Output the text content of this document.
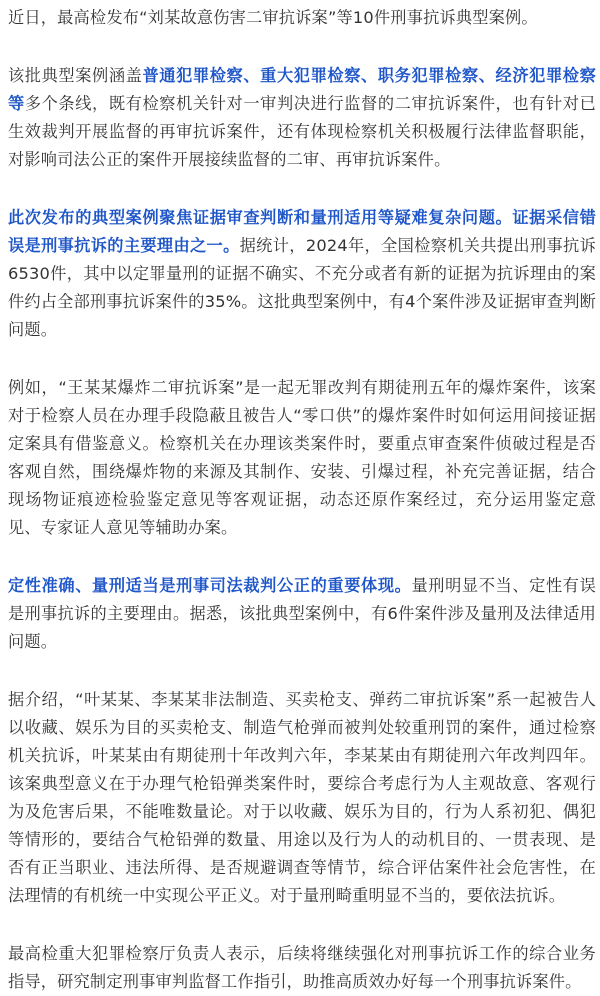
近日，最高检发布“刘某故意伤害二审抗诉案”等10件刑事抗诉典型案例。

该批典型案例涵盖普通犯罪检察、重大犯罪检察、职务犯罪检察、经济犯罪检察等多个条线，既有检察机关针对一审判决进行监督的二审抗诉案件，也有针对已生效裁判开展监督的再审抗诉案件，还有体现检察机关积极履行法律监督职能，对影响司法公正的案件开展接续监督的二审、再审抗诉案件。

此次发布的典型案例聚焦证据审查判断和量刑适用等疑难复杂问题。证据采信错误是刑事抗诉的主要理由之一。据统计，2024年，全国检察机关共提出刑事抗诉6530件，其中以定罪量刑的证据不确实、不充分或者有新的证据为抗诉理由的案件约占全部刑事抗诉案件的35%。这批典型案例中，有4个案件涉及证据审查判断问题。

例如，“王某某爆炸二审抗诉案”是一起无罪改判有期徒刑五年的爆炸案件，该案对于检察人员在办理手段隐蔽且被告人“零口供”的爆炸案件时如何运用间接证据定案具有借鉴意义。检察机关在办理该类案件时，要重点审查案件侦破过程是否客观自然，围绕爆炸物的来源及其制作、安装、引爆过程，补充完善证据，结合现场物证痕迹检验鉴定意见等客观证据，动态还原作案经过，充分运用鉴定意见、专家证人意见等辅助办案。

定性准确、量刑适当是刑事司法裁判公正的重要体现。量刑明显不当、定性有误是刑事抗诉的主要理由。据悉，该批典型案例中，有6件案件涉及量刑及法律适用问题。

据介绍，“叶某某、李某某非法制造、买卖枪支、弹药二审抗诉案”系一起被告人以收藏、娱乐为目的买卖枪支、制造气枪弹而被判处较重刑罚的案件，通过检察机关抗诉，叶某某由有期徒刑十年改判六年，李某某由有期徒刑六年改判四年。该案典型意义在于办理气枪铅弹类案件时，要综合考虑行为人主观故意、客观行为及危害后果，不能唯数量论。对于以收藏、娱乐为目的，行为人系初犯、偶犯等情形的，要结合气枪铅弹的数量、用途以及行为人的动机目的、一贯表现、是否有正当职业、违法所得、是否规避调查等情节，综合评估案件社会危害性，在法理情的有机统一中实现公平正义。对于量刑畸重明显不当的，要依法抗诉。

最高检重大犯罪检察厅负责人表示，后续将继续强化对刑事抗诉工作的综合业务指导，研究制定刑事审判监督工作指引，助推高质效办好每一个刑事抗诉案件。
